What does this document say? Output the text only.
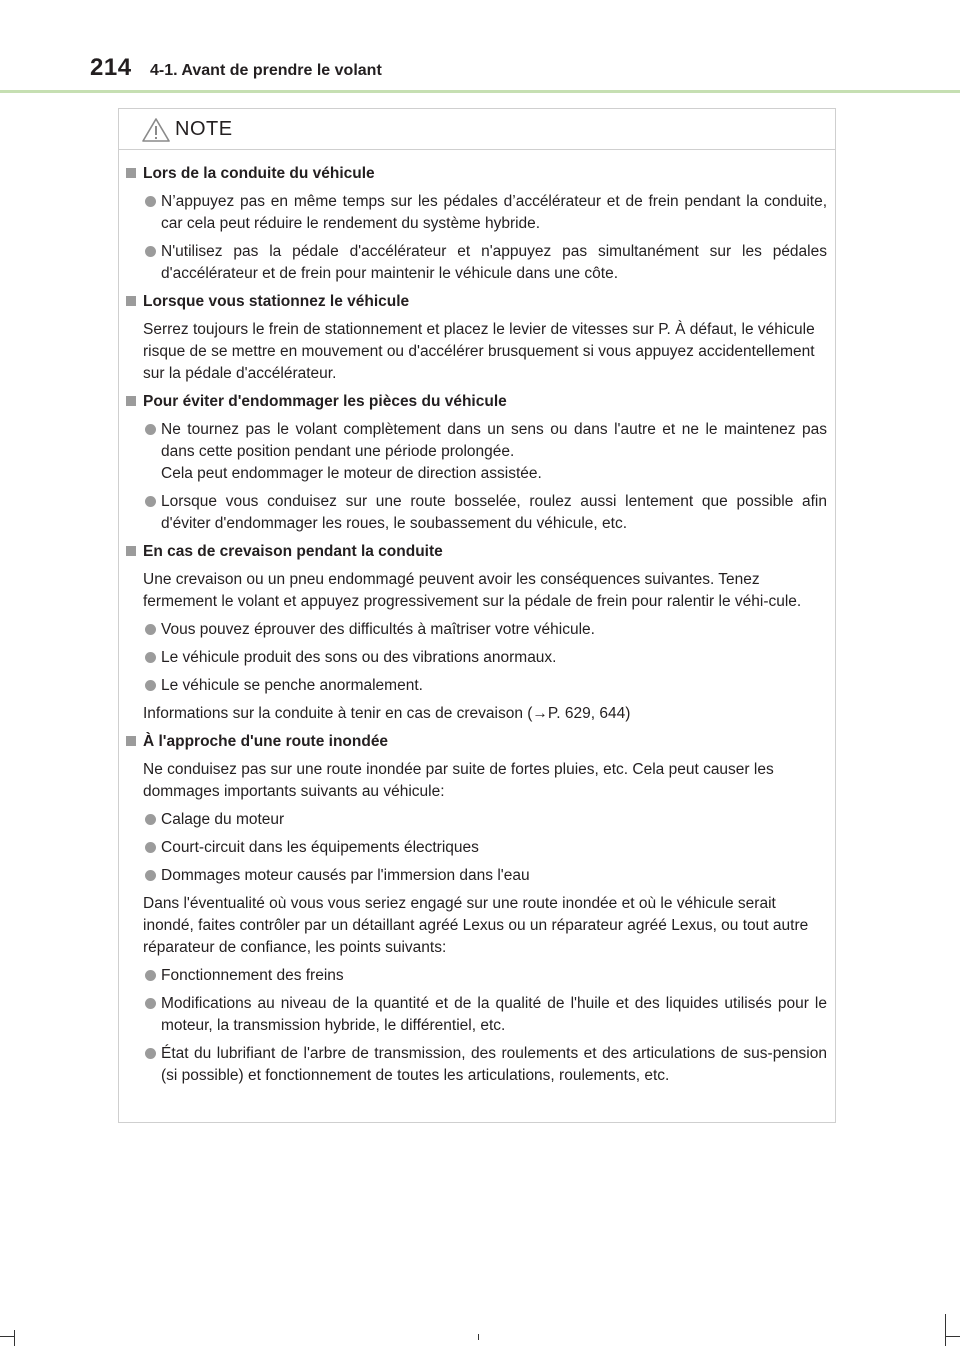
214 4-1. Avant de prendre le volant
NOTE
Lors de la conduite du véhicule
N’appuyez pas en même temps sur les pédales d’accélérateur et de frein pendant la conduite, car cela peut réduire le rendement du système hybride.
N'utilisez pas la pédale d'accélérateur et n'appuyez pas simultanément sur les pédales d'accélérateur et de frein pour maintenir le véhicule dans une côte.
Lorsque vous stationnez le véhicule
Serrez toujours le frein de stationnement et placez le levier de vitesses sur P. À défaut, le véhicule risque de se mettre en mouvement ou d'accélérer brusquement si vous appuyez accidentellement sur la pédale d'accélérateur.
Pour éviter d'endommager les pièces du véhicule
Ne tournez pas le volant complètement dans un sens ou dans l'autre et ne le maintenez pas dans cette position pendant une période prolongée.
Cela peut endommager le moteur de direction assistée.
Lorsque vous conduisez sur une route bosselée, roulez aussi lentement que possible afin d'éviter d'endommager les roues, le soubassement du véhicule, etc.
En cas de crevaison pendant la conduite
Une crevaison ou un pneu endommagé peuvent avoir les conséquences suivantes. Tenez fermement le volant et appuyez progressivement sur la pédale de frein pour ralentir le véhi-cule.
Vous pouvez éprouver des difficultés à maîtriser votre véhicule.
Le véhicule produit des sons ou des vibrations anormaux.
Le véhicule se penche anormalement.
Informations sur la conduite à tenir en cas de crevaison (→P. 629, 644)
À l'approche d'une route inondée
Ne conduisez pas sur une route inondée par suite de fortes pluies, etc. Cela peut causer les dommages importants suivants au véhicule:
Calage du moteur
Court-circuit dans les équipements électriques
Dommages moteur causés par l'immersion dans l'eau
Dans l'éventualité où vous vous seriez engagé sur une route inondée et où le véhicule serait inondé, faites contrôler par un détaillant agréé Lexus ou un réparateur agréé Lexus, ou tout autre réparateur de confiance, les points suivants:
Fonctionnement des freins
Modifications au niveau de la quantité et de la qualité de l'huile et des liquides utilisés pour le moteur, la transmission hybride, le différentiel, etc.
État du lubrifiant de l'arbre de transmission, des roulements et des articulations de sus-pension (si possible) et fonctionnement de toutes les articulations, roulements, etc.
